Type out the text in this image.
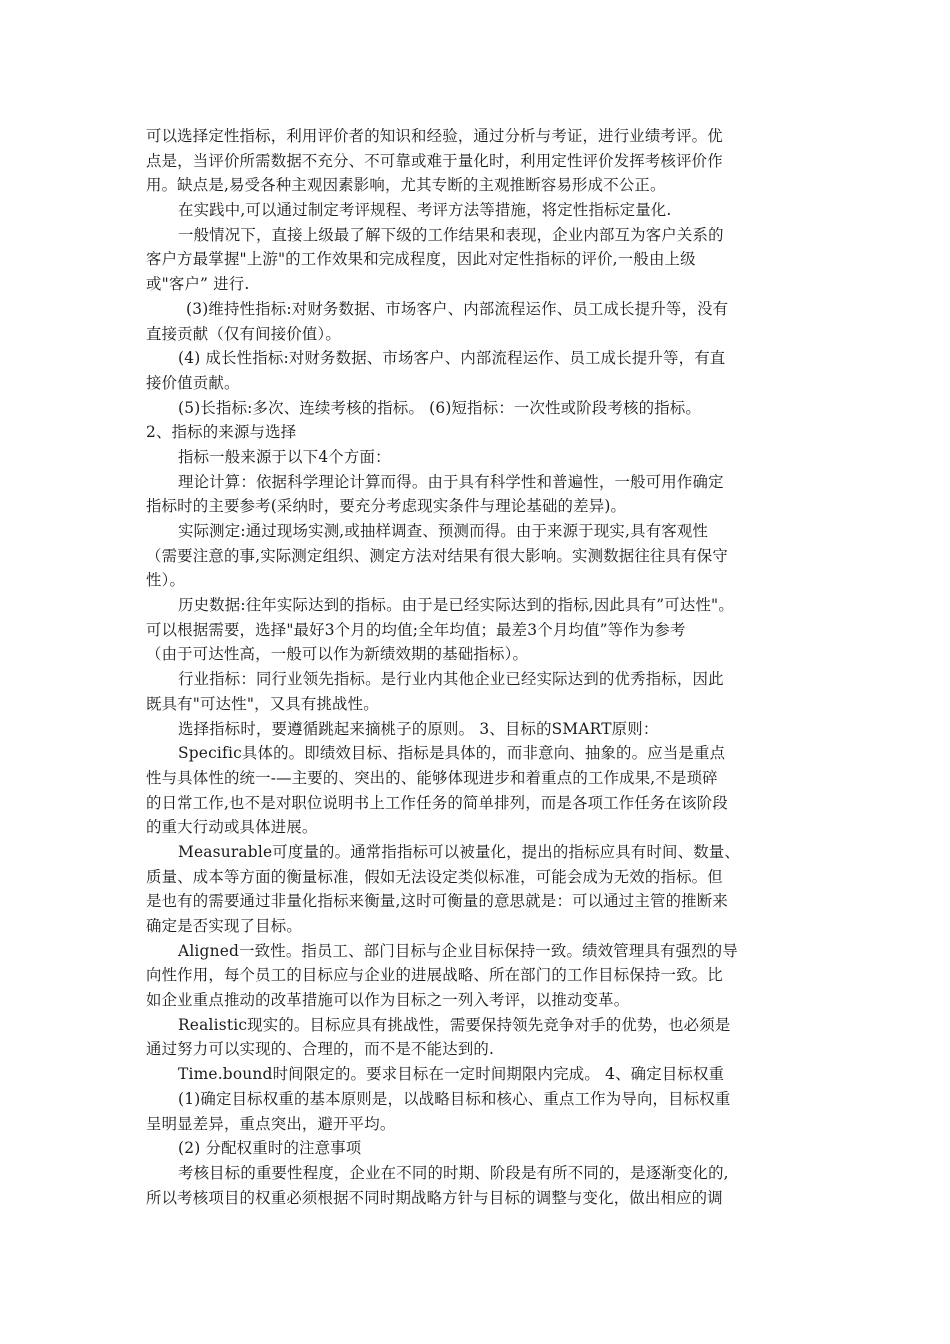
可以选择定性指标，利用评价者的知识和经验，通过分析与考证，进行业绩考评。优
点是，当评价所需数据不充分、不可靠或难于量化时，利用定性评价发挥考核评价作
用。缺点是,易受各种主观因素影响，尤其专断的主观推断容易形成不公正。
在实践中,可以通过制定考评规程、考评方法等措施，将定性指标定量化.
一般情况下，直接上级最了解下级的工作结果和表现，企业内部互为客户关系的
客户方最掌握"上游"的工作效果和完成程度，因此对定性指标的评价,一般由上级
或"客户” 进行.
(3)维持性指标:对财务数据、市场客户、内部流程运作、员工成长提升等，没有
直接贡献（仅有间接价值）。
(4) 成长性指标:对财务数据、市场客户、内部流程运作、员工成长提升等，有直
接价值贡献。
(5)长指标:多次、连续考核的指标。 (6)短指标：一次性或阶段考核的指标。
2、指标的来源与选择
指标一般来源于以下4个方面：
理论计算：依据科学理论计算而得。由于具有科学性和普遍性，一般可用作确定
指标时的主要参考(采纳时，要充分考虑现实条件与理论基础的差异)。
实际测定:通过现场实测,或抽样调查、预测而得。由于来源于现实,具有客观性
（需要注意的事,实际测定组织、测定方法对结果有很大影响。实测数据往往具有保守
性）。
历史数据:往年实际达到的指标。由于是已经实际达到的指标,因此具有”可达性"。
可以根据需要，选择"最好3个月的均值;全年均值；最差3个月均值”等作为参考
（由于可达性高，一般可以作为新绩效期的基础指标）。
行业指标：同行业领先指标。是行业内其他企业已经实际达到的优秀指标，因此
既具有"可达性"，又具有挑战性。
选择指标时，要遵循跳起来摘桃子的原则。 3、目标的SMART原则：
Specific具体的。即绩效目标、指标是具体的，而非意向、抽象的。应当是重点
性与具体性的统一-—主要的、突出的、能够体现进步和着重点的工作成果,不是琐碎
的日常工作,也不是对职位说明书上工作任务的简单排列，而是各项工作任务在该阶段
的重大行动或具体进展。
Measurable可度量的。通常指指标可以被量化，提出的指标应具有时间、数量、
质量、成本等方面的衡量标准，假如无法设定类似标准，可能会成为无效的指标。但
是也有的需要通过非量化指标来衡量,这时可衡量的意思就是：可以通过主管的推断来
确定是否实现了目标。
Aligned一致性。指员工、部门目标与企业目标保持一致。绩效管理具有强烈的导
向性作用，每个员工的目标应与企业的进展战略、所在部门的工作目标保持一致。比
如企业重点推动的改革措施可以作为目标之一列入考评，以推动变革。
Realistic现实的。目标应具有挑战性，需要保持领先竞争对手的优势，也必须是
通过努力可以实现的、合理的，而不是不能达到的.
Time.bound时间限定的。要求目标在一定时间期限内完成。 4、确定目标权重
(1)确定目标权重的基本原则是，以战略目标和核心、重点工作为导向，目标权重
呈明显差异，重点突出，避开平均。
(2) 分配权重时的注意事项
考核目标的重要性程度，企业在不同的时期、阶段是有所不同的，是逐渐变化的,
所以考核项目的权重必须根据不同时期战略方针与目标的调整与变化，做出相应的调
